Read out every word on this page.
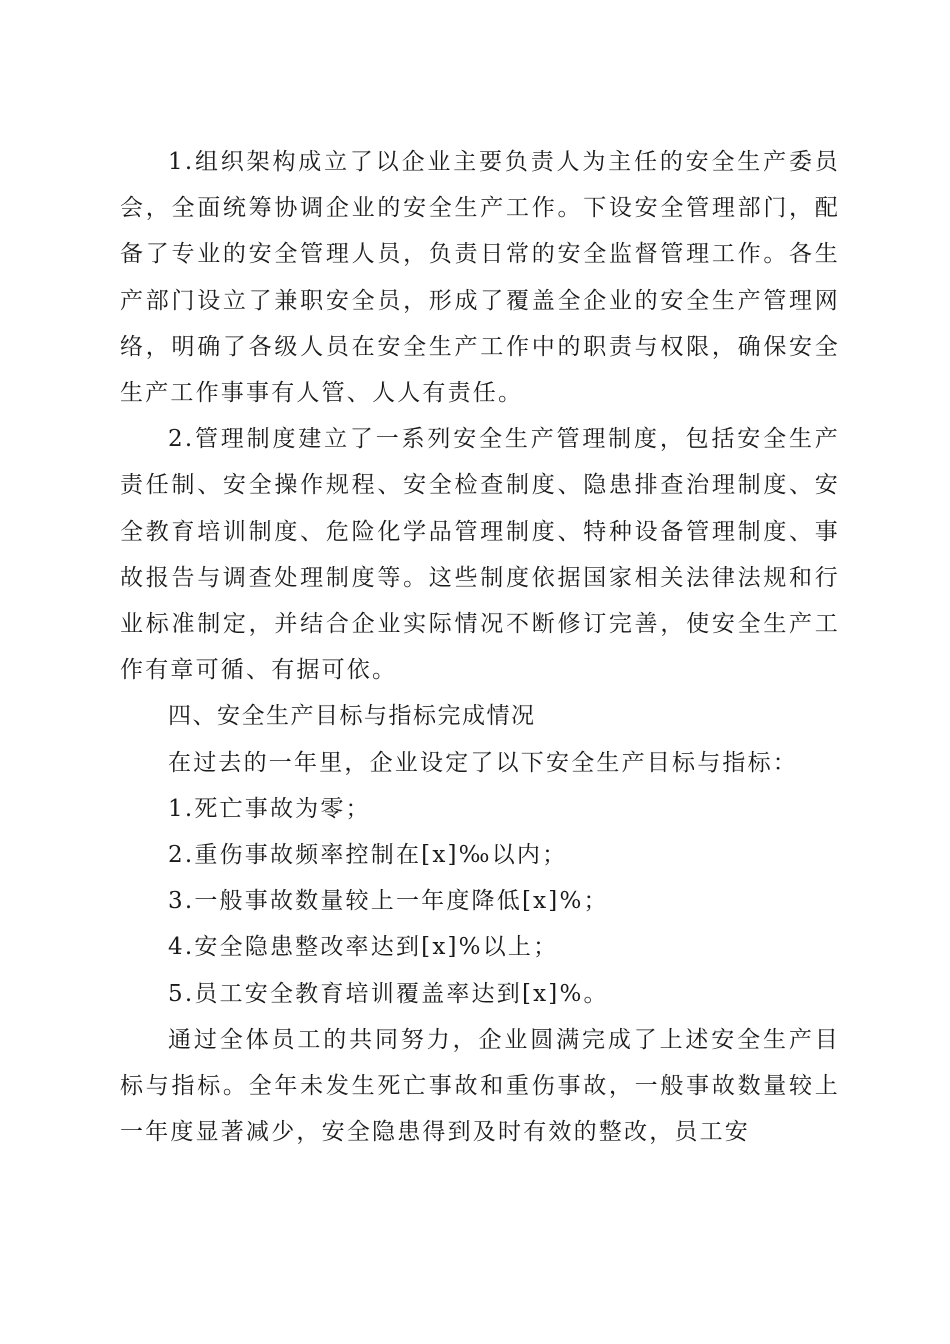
1.组织架构成立了以企业主要负责人为主任的安全生产委员会，全面统筹协调企业的安全生产工作。下设安全管理部门，配备了专业的安全管理人员，负责日常的安全监督管理工作。各生产部门设立了兼职安全员，形成了覆盖全企业的安全生产管理网络，明确了各级人员在安全生产工作中的职责与权限，确保安全生产工作事事有人管、人人有责任。

2.管理制度建立了一系列安全生产管理制度，包括安全生产责任制、安全操作规程、安全检查制度、隐患排查治理制度、安全教育培训制度、危险化学品管理制度、特种设备管理制度、事故报告与调查处理制度等。这些制度依据国家相关法律法规和行业标准制定，并结合企业实际情况不断修订完善，使安全生产工作有章可循、有据可依。

四、安全生产目标与指标完成情况

在过去的一年里，企业设定了以下安全生产目标与指标：

1.死亡事故为零；

2.重伤事故频率控制在[x]‰以内；

3.一般事故数量较上一年度降低[x]%；

4.安全隐患整改率达到[x]%以上；

5.员工安全教育培训覆盖率达到[x]%。

通过全体员工的共同努力，企业圆满完成了上述安全生产目标与指标。全年未发生死亡事故和重伤事故，一般事故数量较上一年度显著减少，安全隐患得到及时有效的整改，员工安
